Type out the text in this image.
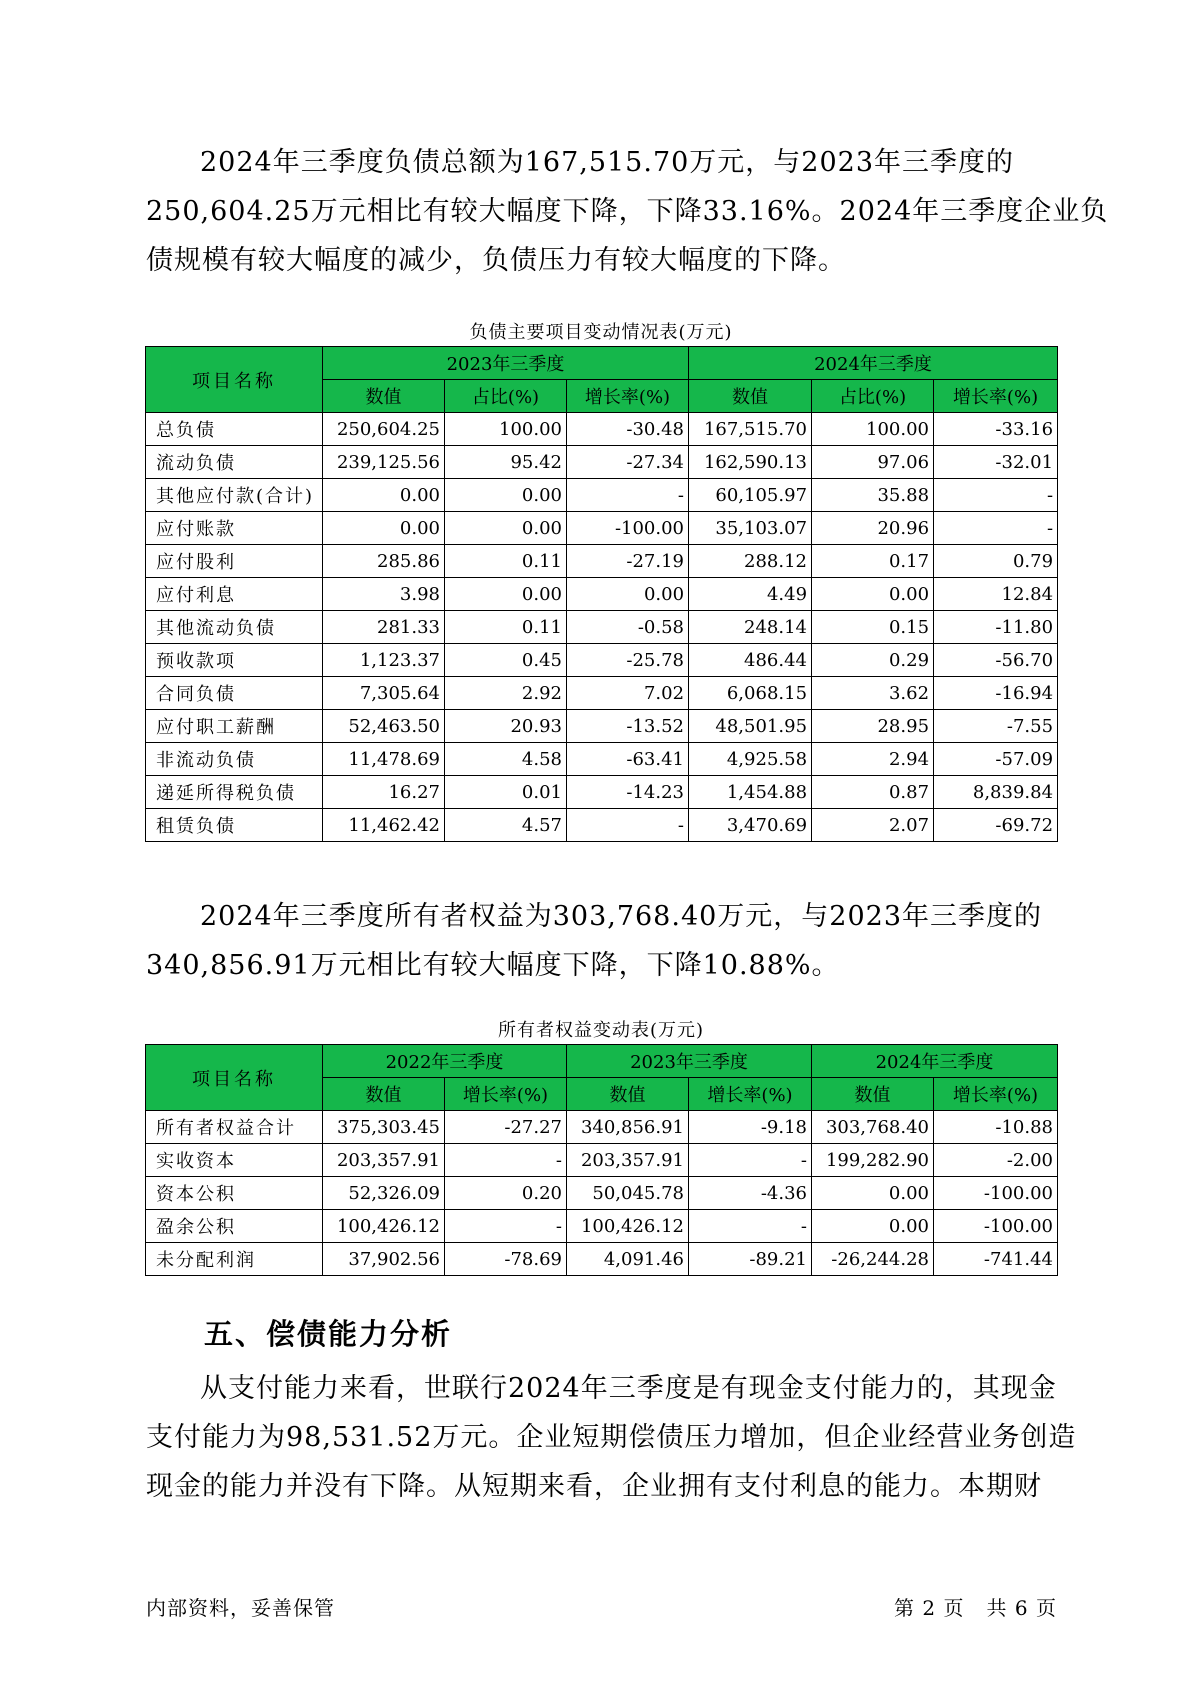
2024年三季度负债总额为167,515.70万元，与2023年三季度的
250,604.25万元相比有较大幅度下降，下降33.16%。2024年三季度企业负
债规模有较大幅度的减少，负债压力有较大幅度的下降。
负债主要项目变动情况表(万元)
项目名称	2023年三季度			2024年三季度		
	数值	占比(%)	增长率(%)	数值	占比(%)	增长率(%)
总负债	250,604.25	100.00	-30.48	167,515.70	100.00	-33.16
流动负债	239,125.56	95.42	-27.34	162,590.13	97.06	-32.01
其他应付款(合计)	0.00	0.00	-	60,105.97	35.88	-
应付账款	0.00	0.00	-100.00	35,103.07	20.96	-
应付股利	285.86	0.11	-27.19	288.12	0.17	0.79
应付利息	3.98	0.00	0.00	4.49	0.00	12.84
其他流动负债	281.33	0.11	-0.58	248.14	0.15	-11.80
预收款项	1,123.37	0.45	-25.78	486.44	0.29	-56.70
合同负债	7,305.64	2.92	7.02	6,068.15	3.62	-16.94
应付职工薪酬	52,463.50	20.93	-13.52	48,501.95	28.95	-7.55
非流动负债	11,478.69	4.58	-63.41	4,925.58	2.94	-57.09
递延所得税负债	16.27	0.01	-14.23	1,454.88	0.87	8,839.84
租赁负债	11,462.42	4.57	-	3,470.69	2.07	-69.72
2024年三季度所有者权益为303,768.40万元，与2023年三季度的
340,856.91万元相比有较大幅度下降，下降10.88%。
所有者权益变动表(万元)
项目名称	2022年三季度		2023年三季度		2024年三季度	
	数值	增长率(%)	数值	增长率(%)	数值	增长率(%)
所有者权益合计	375,303.45	-27.27	340,856.91	-9.18	303,768.40	-10.88
实收资本	203,357.91	-	203,357.91	-	199,282.90	-2.00
资本公积	52,326.09	0.20	50,045.78	-4.36	0.00	-100.00
盈余公积	100,426.12	-	100,426.12	-	0.00	-100.00
未分配利润	37,902.56	-78.69	4,091.46	-89.21	-26,244.28	-741.44
五、偿债能力分析
从支付能力来看，世联行2024年三季度是有现金支付能力的，其现金
支付能力为98,531.52万元。企业短期偿债压力增加，但企业经营业务创造
现金的能力并没有下降。从短期来看，企业拥有支付利息的能力。本期财
内部资料，妥善保管	第 2 页   共 6 页
